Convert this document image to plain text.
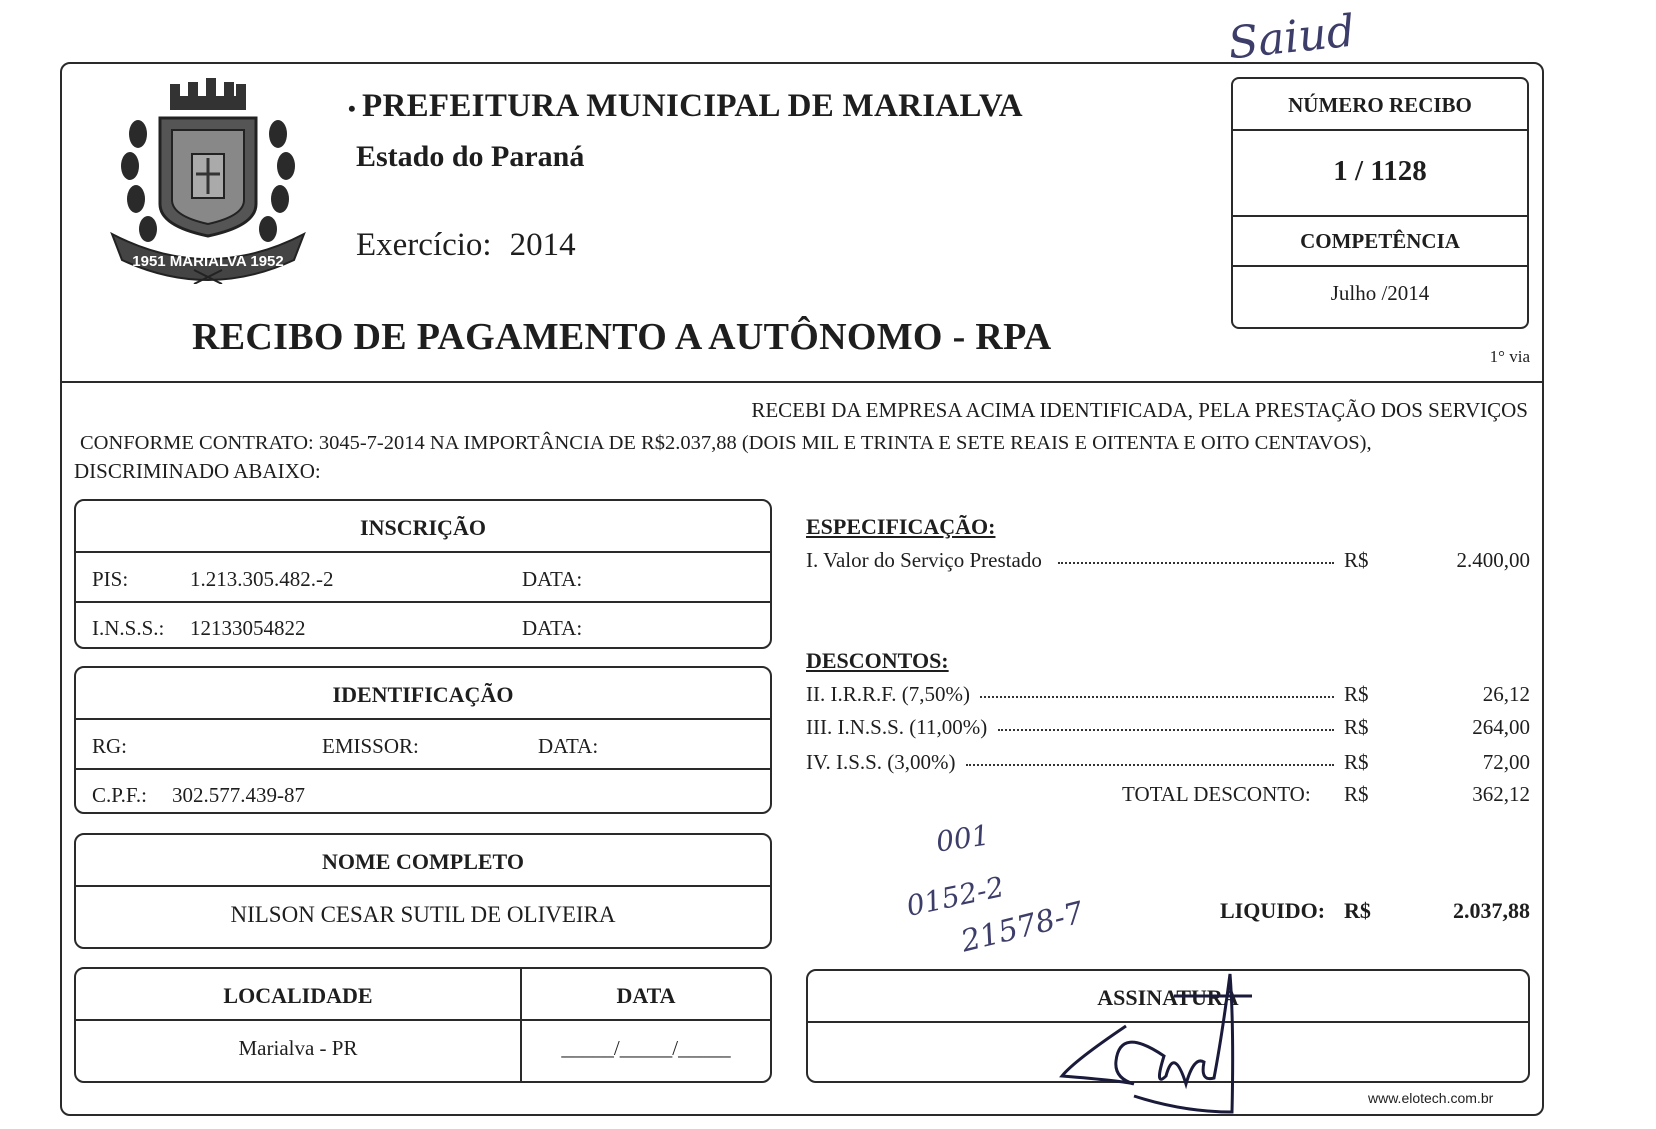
Saiud
1951 MARIALVA 1952
• PREFEITURA MUNICIPAL DE MARIALVA
Estado do Paraná
Exercício: 2014
RECIBO DE PAGAMENTO A AUTÔNOMO - RPA	1° via
NÚMERO RECIBO
1 / 1128
COMPETÊNCIA
Julho /2014
RECEBI DA EMPRESA ACIMA IDENTIFICADA, PELA PRESTAÇÃO DOS SERVIÇOS
CONFORME CONTRATO: 3045-7-2014 NA IMPORTÂNCIA DE R$2.037,88 (DOIS MIL E TRINTA E SETE REAIS E OITENTA E OITO CENTAVOS),
DISCRIMINADO ABAIXO:
INSCRIÇÃO
PIS:	1.213.305.482.-2	DATA:
I.N.S.S.: 12133054822	DATA:
IDENTIFICAÇÃO
RG:	EMISSOR:	DATA:
C.P.F.: 302.577.439-87
NOME COMPLETO
NILSON CESAR SUTIL DE OLIVEIRA
LOCALIDADE	DATA
Marialva - PR	_____/_____/_____
ESPECIFICAÇÃO:
I. Valor do Serviço Prestado	R$	2.400,00
DESCONTOS:
II. I.R.R.F. (7,50%)	R$	26,12
III. I.N.S.S. (11,00%)	R$	264,00
IV. I.S.S. (3,00%)	R$	72,00
TOTAL DESCONTO: R$	362,12
001
0152-2
21578-7	LIQUIDO: R$	2.037,88
ASSINATURA
www.elotech.com.br
